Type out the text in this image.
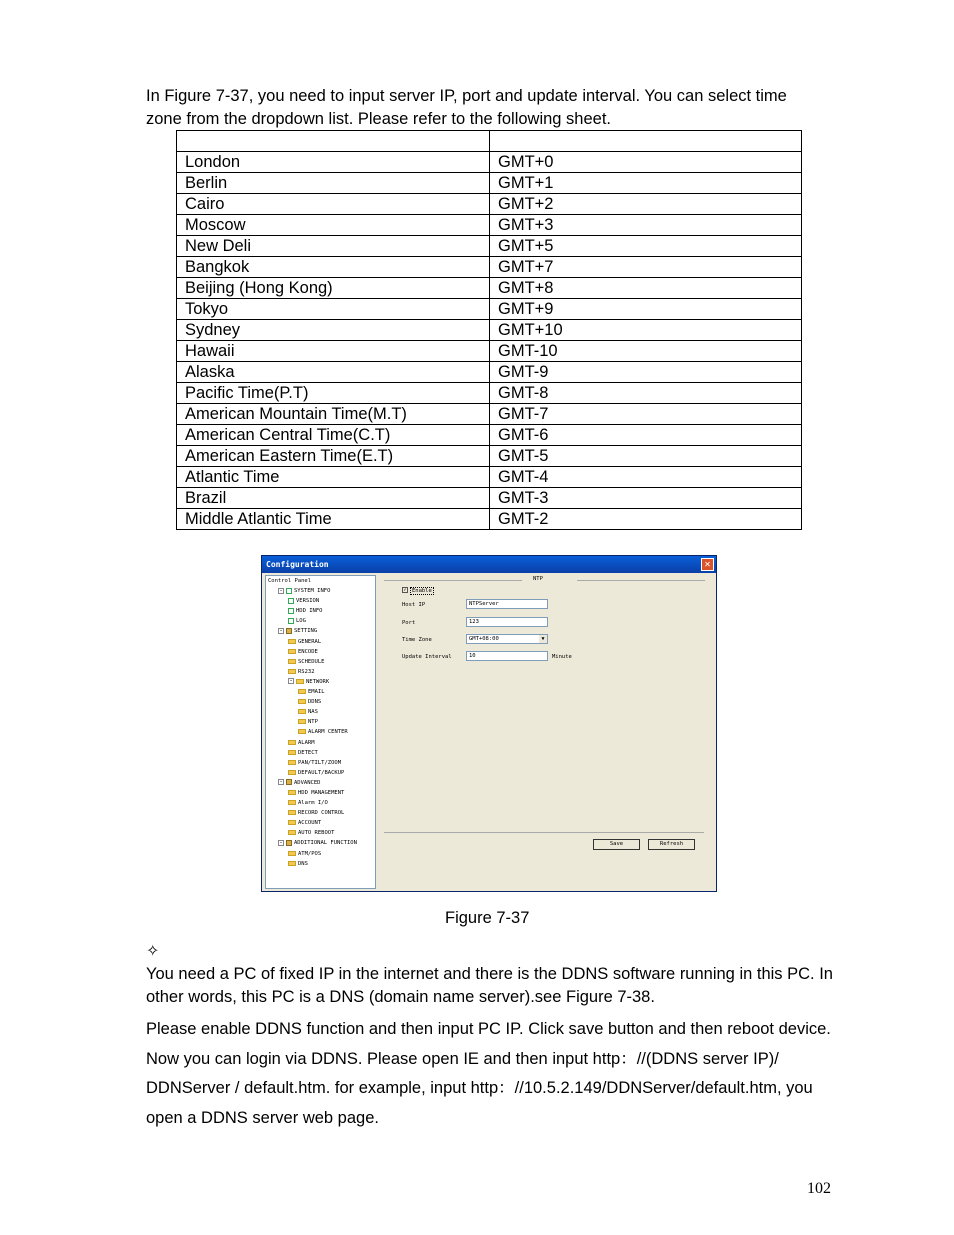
In Figure 7-37, you need to input server IP, port and update interval. You can select time zone from the dropdown list. Please refer to the following sheet.

London	GMT+0
Berlin	GMT+1
Cairo	GMT+2
Moscow	GMT+3
New Deli	GMT+5
Bangkok	GMT+7
Beijing (Hong Kong)	GMT+8
Tokyo	GMT+9
Sydney	GMT+10
Hawaii	GMT-10
Alaska	GMT-9
Pacific Time(P.T)	GMT-8
American Mountain Time(M.T)	GMT-7
American Central Time(C.T)	GMT-6
American Eastern Time(E.T)	GMT-5
Atlantic Time	GMT-4
Brazil	GMT-3
Middle Atlantic Time	GMT-2
Configuration	✕
Control Panel
- SYSTEM INFO
VERSION
HDD INFO
LOG
- SETTING
GENERAL
ENCODE
SCHEDULE
RS232
- NETWORK
EMAIL
DDNS
NAS
NTP
ALARM CENTER
ALARM
DETECT
PAN/TILT/ZOOM
DEFAULT/BACKUP
- ADVANCED
HDD MANAGEMENT
Alarm I/O
RECORD CONTROL
ACCOUNT
AUTO REBOOT
- ADDITIONAL FUNCTION
ATM/POS
DNS
NTP
✓ Enable
Host IP	NTPServer
Port	123
Time Zone	GMT+08:00	▼
Update Interval	10	Minute
Save	Refresh

Figure 7-37

✧

You need a PC of fixed IP in the internet and there is the DDNS software running in this PC. In other words, this PC is a DNS (domain name server).see Figure 7-38.

Please enable DDNS function and then input PC IP. Click save button and then reboot device. Now you can login via DDNS. Please open IE and then input http：//(DDNS server IP)/ DDNServer / default.htm. for example, input http：//10.5.2.149/DDNServer/default.htm, you open a DDNS server web page.

102
